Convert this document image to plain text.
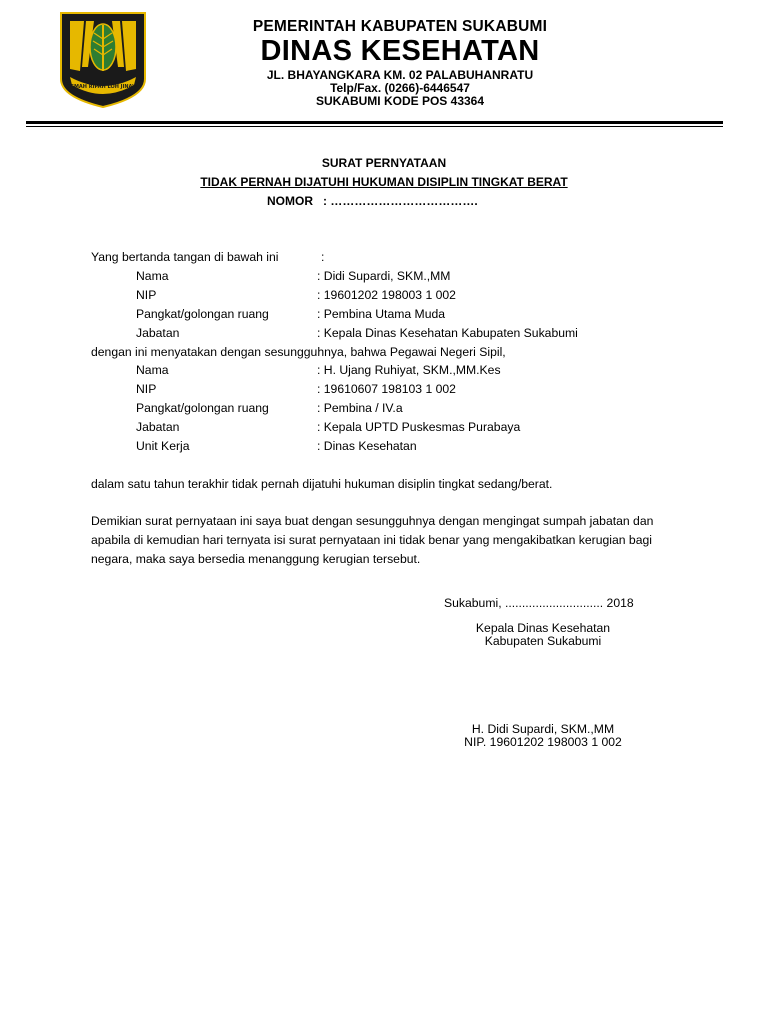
GEMAH RIPAH LOH JINAWI
PEMERINTAH KABUPATEN SUKABUMI
DINAS KESEHATAN
JL. BHAYANGKARA KM. 02 PALABUHANRATU
Telp/Fax. (0266)-6446547
SUKABUMI KODE POS 43364
SURAT PERNYATAAN
TIDAK PERNAH DIJATUHI HUKUMAN DISIPLIN TINGKAT BERAT
NOMOR : ……………………………….
Yang bertanda tangan di bawah ini	:
Nama	: Didi Supardi, SKM.,MM
NIP	: 19601202 198003 1 002
Pangkat/golongan ruang	: Pembina Utama Muda
Jabatan	: Kepala Dinas Kesehatan Kabupaten Sukabumi
dengan ini menyatakan dengan sesungguhnya, bahwa Pegawai Negeri Sipil,
Nama	: H. Ujang Ruhiyat, SKM.,MM.Kes
NIP	: 19610607 198103 1 002
Pangkat/golongan ruang	: Pembina / IV.a
Jabatan	: Kepala UPTD Puskesmas Purabaya
Unit Kerja	: Dinas Kesehatan
dalam satu tahun terakhir tidak pernah dijatuhi hukuman disiplin tingkat sedang/berat.
Demikian surat pernyataan ini saya buat dengan sesungguhnya dengan mengingat sumpah jabatan dan
apabila di kemudian hari ternyata isi surat pernyataan ini tidak benar yang mengakibatkan kerugian bagi
negara, maka saya bersedia menanggung kerugian tersebut.
Sukabumi, ............................. 2018
Kepala Dinas Kesehatan
Kabupaten Sukabumi
H. Didi Supardi, SKM.,MM
NIP. 19601202 198003 1 002
